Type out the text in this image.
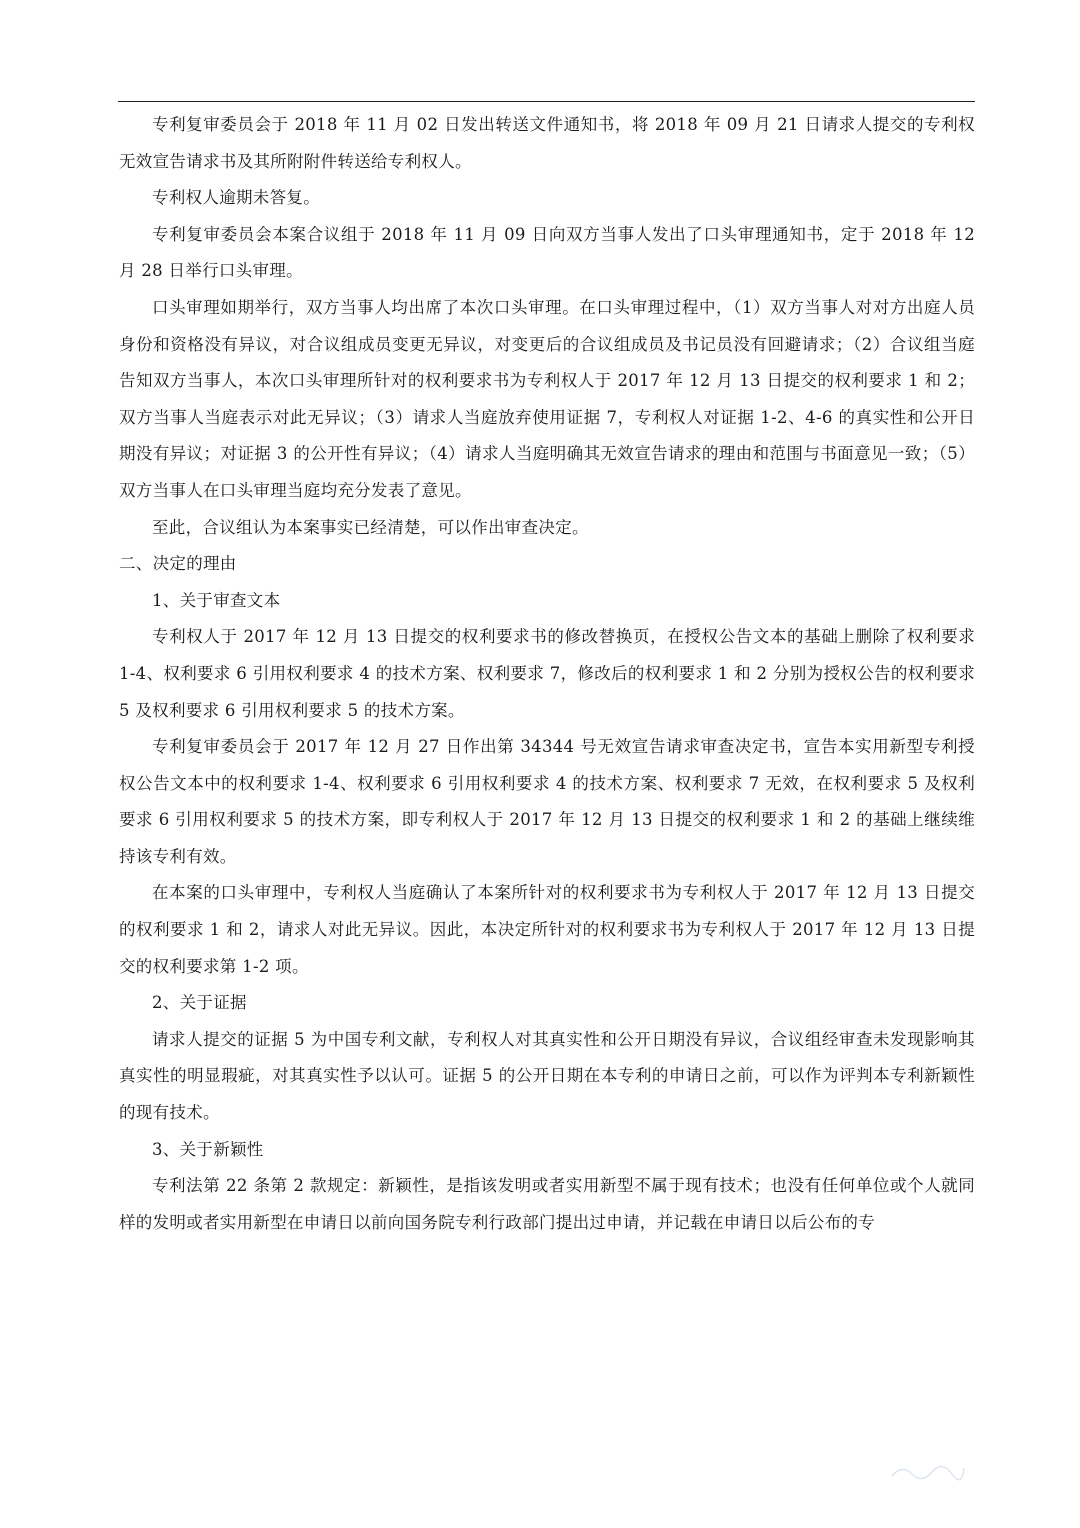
专利复审委员会于 2018 年 11 月 02 日发出转送文件通知书，将 2018 年 09 月 21 日请求人提交的专利权无效宣告请求书及其所附附件转送给专利权人。

专利权人逾期未答复。

专利复审委员会本案合议组于 2018 年 11 月 09 日向双方当事人发出了口头审理通知书，定于 2018 年 12 月 28 日举行口头审理。

口头审理如期举行，双方当事人均出席了本次口头审理。在口头审理过程中，（1）双方当事人对对方出庭人员身份和资格没有异议，对合议组成员变更无异议，对变更后的合议组成员及书记员没有回避请求；（2）合议组当庭告知双方当事人，本次口头审理所针对的权利要求书为专利权人于 2017 年 12 月 13 日提交的权利要求 1 和 2；双方当事人当庭表示对此无异议；（3）请求人当庭放弃使用证据 7，专利权人对证据 1-2、4-6 的真实性和公开日期没有异议；对证据 3 的公开性有异议；（4）请求人当庭明确其无效宣告请求的理由和范围与书面意见一致；（5）双方当事人在口头审理当庭均充分发表了意见。

至此，合议组认为本案事实已经清楚，可以作出审查决定。

二、决定的理由

1、关于审查文本

专利权人于 2017 年 12 月 13 日提交的权利要求书的修改替换页，在授权公告文本的基础上删除了权利要求 1-4、权利要求 6 引用权利要求 4 的技术方案、权利要求 7，修改后的权利要求 1 和 2 分别为授权公告的权利要求 5 及权利要求 6 引用权利要求 5 的技术方案。

专利复审委员会于 2017 年 12 月 27 日作出第 34344 号无效宣告请求审查决定书，宣告本实用新型专利授权公告文本中的权利要求 1-4、权利要求 6 引用权利要求 4 的技术方案、权利要求 7 无效，在权利要求 5 及权利要求 6 引用权利要求 5 的技术方案，即专利权人于 2017 年 12 月 13 日提交的权利要求 1 和 2 的基础上继续维持该专利有效。

在本案的口头审理中，专利权人当庭确认了本案所针对的权利要求书为专利权人于 2017 年 12 月 13 日提交的权利要求 1 和 2，请求人对此无异议。因此，本决定所针对的权利要求书为专利权人于 2017 年 12 月 13 日提交的权利要求第 1-2 项。

2、关于证据

请求人提交的证据 5 为中国专利文献，专利权人对其真实性和公开日期没有异议，合议组经审查未发现影响其真实性的明显瑕疵，对其真实性予以认可。证据 5 的公开日期在本专利的申请日之前，可以作为评判本专利新颖性的现有技术。

3、关于新颖性

专利法第 22 条第 2 款规定：新颖性，是指该发明或者实用新型不属于现有技术；也没有任何单位或个人就同样的发明或者实用新型在申请日以前向国务院专利行政部门提出过申请，并记载在申请日以后公布的专
